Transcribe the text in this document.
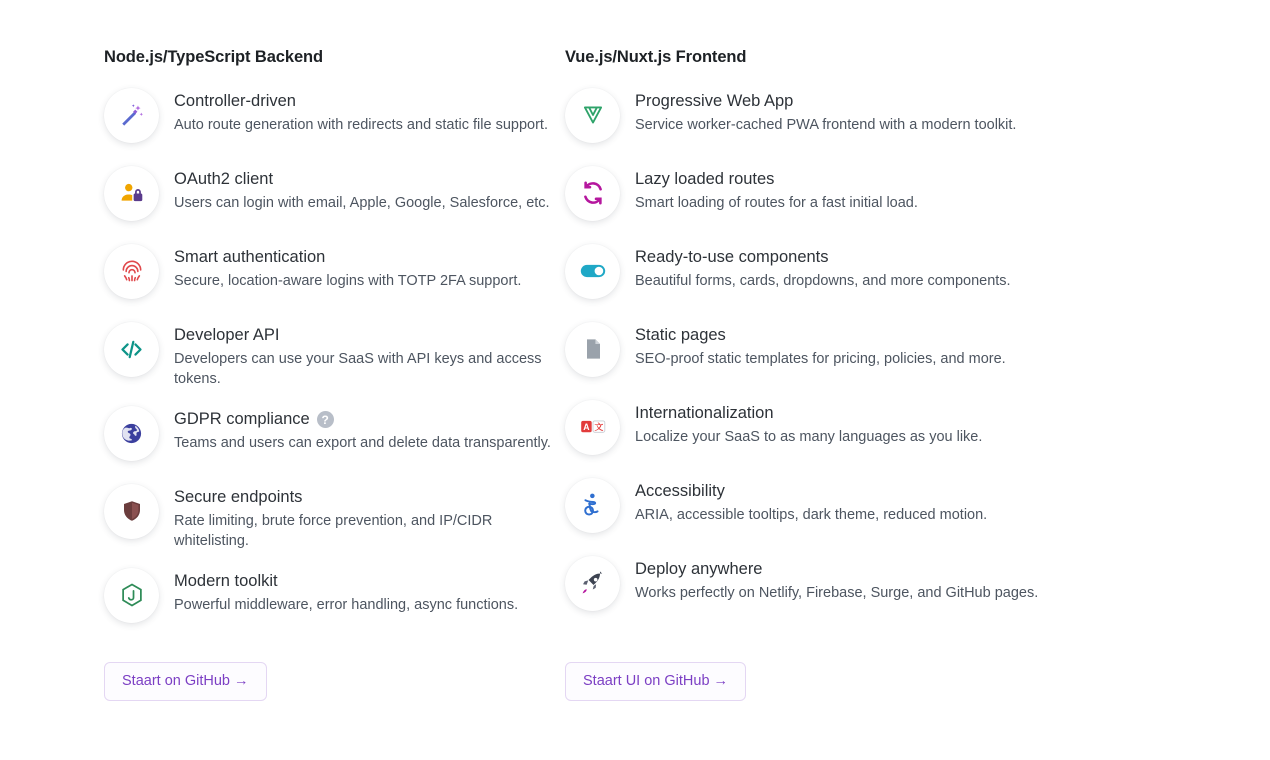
Node.js/TypeScript Backend
Controller-driven

Auto route generation with redirects and static file support.

OAuth2 client

Users can login with email, Apple, Google, Salesforce, etc.

Smart authentication

Secure, location-aware logins with TOTP 2FA support.

Developer API

Developers can use your SaaS with API keys and access tokens.

GDPR compliance ?

Teams and users can export and delete data transparently.

Secure endpoints

Rate limiting, brute force prevention, and IP/CIDR whitelisting.

Modern toolkit

Powerful middleware, error handling, async functions.

Vue.js/Nuxt.js Frontend
Progressive Web App

Service worker-cached PWA frontend with a modern toolkit.

Lazy loaded routes

Smart loading of routes for a fast initial load.

Ready-to-use components

Beautiful forms, cards, dropdowns, and more components.

Static pages

SEO-proof static templates for pricing, policies, and more.

A 文
Internationalization

Localize your SaaS to as many languages as you like.

Accessibility

ARIA, accessible tooltips, dark theme, reduced motion.

Deploy anywhere

Works perfectly on Netlify, Firebase, Surge, and GitHub pages.

Staart on GitHub →	Staart UI on GitHub →
